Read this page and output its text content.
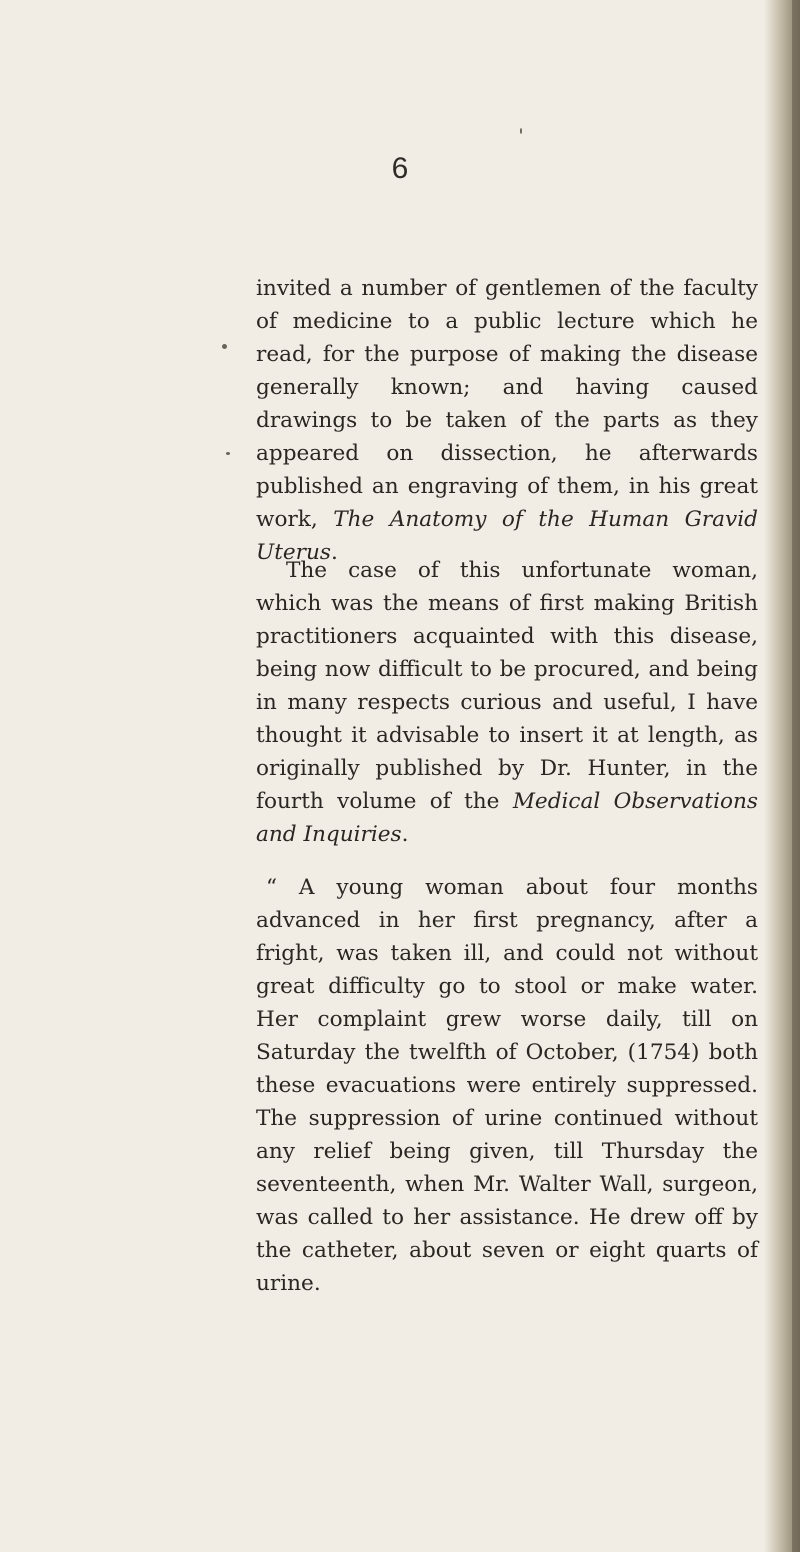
6

invited a number of gentlemen of the faculty of medicine to a public lecture which he read, for the purpose of making the disease generally known; and having caused drawings to be taken of the parts as they appeared on dissection, he afterwards published an engraving of them, in his great work, The Anatomy of the Human Gravid Uterus.

The case of this unfortunate woman, which was the means of first making British practitioners acquainted with this disease, being now difficult to be procured, and being in many respects curious and useful, I have thought it advisable to insert it at length, as originally published by Dr. Hunter, in the fourth volume of the Medical Observations and Inquiries.

“ A young woman about four months advanced in her first pregnancy, after a fright, was taken ill, and could not without great difficulty go to stool or make water. Her complaint grew worse daily, till on Saturday the twelfth of October, (1754) both these evacuations were entirely suppressed. The suppression of urine continued without any relief being given, till Thursday the seventeenth, when Mr. Walter Wall, surgeon, was called to her assistance. He drew off by the catheter, about seven or eight quarts of urine.
